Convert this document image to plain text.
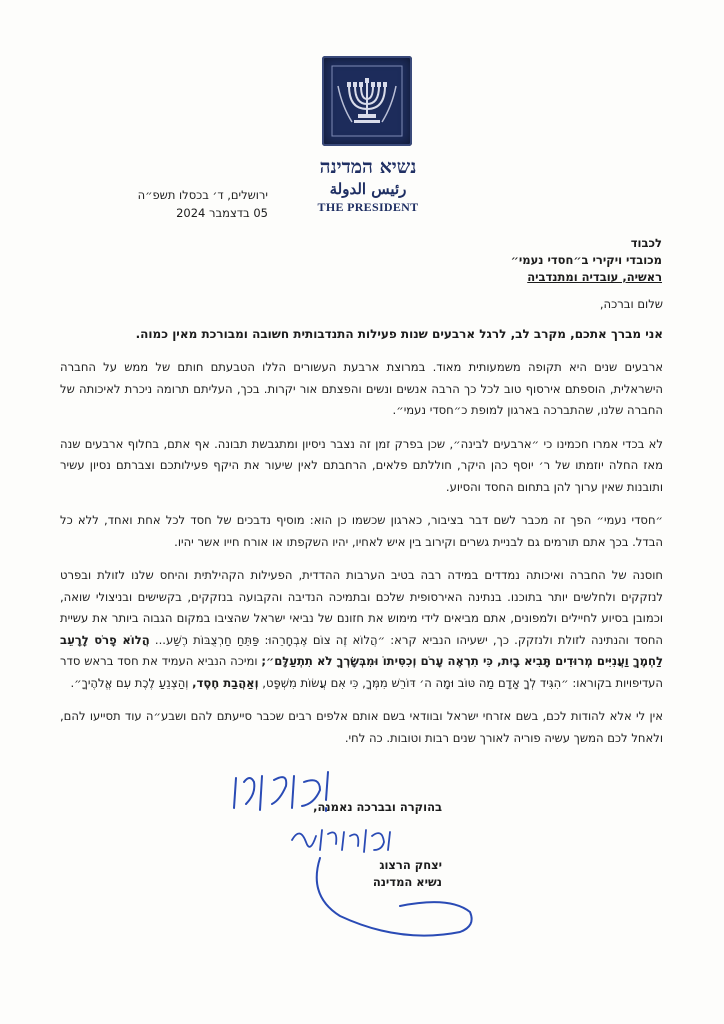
נשיא המדינה
رئيس الدولة
THE PRESIDENT
ירושלים, ד׳ בכסלו תשפ״ה
05 בדצמבר 2024
לכבוד
מכובדי ויקירי ב״חסדי נעמי״
ראשיה, עובדיה ומתנדביה

שלום וברכה,

אני מברך אתכם, מקרב לב, לרגל ארבעים שנות פעילות התנדבותית חשובה ומבורכת מאין כמוה.

ארבעים שנים היא תקופה משמעותית מאוד. במרוצת ארבעת העשורים הללו הטבעתם חותם של ממש על החברה הישראלית, הוספתם אירסוף טוב לכל כך הרבה אנשים ונשים והפצתם אור יקרות. בכך, העליתם תרומה ניכרת לאיכותה של החברה שלנו, שהתברכה בארגון למופת כ״חסדי נעמי״.

לא בכדי אמרו חכמינו כי ״ארבעים לבינה״, שכן בפרק זמן זה נצבר ניסיון ומתגבשת תבונה. אף אתם, בחלוף ארבעים שנה מאז החלה יוזמתו של ר׳ יוסף כהן היקר, חוללתם פלאים, הרחבתם לאין שיעור את היקף פעילותכם וצברתם נסיון עשיר ותובנות שאין ערוך להן בתחום החסד והסיוע.

״חסדי נעמי״ הפך זה מכבר לשם דבר בציבור, כארגון שכשמו כן הוא: מוסיף נדבכים של חסד לכל אחת ואחד, ללא כל הבדל. בכך אתם תורמים גם לבניית גשרים וקירוב בין איש לאחיו, יהיו השקפתו או אורח חייו אשר יהיו.

חוסנה של החברה ואיכותה נמדדים במידה רבה בטיב הערבות ההדדית, הפעילות הקהילתית והיחס שלנו לזולת ובפרט לנזקקים ולחלשים יותר בתוכנו. בנתינה האירסופית שלכם ובתמיכה הנדיבה והקבועה בנזקקים, בקשישים ובניצולי שואה, וכמובן בסיוע לחיילים ולמפונים, אתם מביאים לידי מימוש את חזונם של נביאי ישראל שהציבו במקום הגבוה ביותר את עשיית החסד והנתינה לזולת ולנזקק. כך, ישעיהו הנביא קרא: ״הֲלוֹא זֶה צוֹם אֶבְחָרֵהוּ: פַּתֵּחַ חַרְצֻבּוֹת רֶשַׁע... הֲלוֹא פָרֹס לָרָעֵב לַחְמֶךָ וַעֲנִיִּים מְרוּדִים תָּבִיא בָיִת, כִּי תִרְאֶה עָרֹם וְכִסִּיתוֹ וּמִבְּשָׂרְךָ לֹא תִתְעַלָּם״; ומיכה הנביא העמיד את חסד בראש סדר העדיפויות בקוראו: ״הִגִּיד לְךָ אָדָם מַה טּוֹב וּמָה ה׳ דּוֹרֵשׁ מִמְּךָ, כִּי אִם עֲשׂוֹת מִשְׁפָּט, וְאַהֲבַת חֶסֶד, וְהַצְנֵעַ לֶכֶת עִם אֱלֹהֶיךָ״.

אין לי אלא להודות לכם, בשם אזרחי ישראל ובוודאי בשם אותם אלפים רבים שכבר סייעתם להם ושבע״ה עוד תסייעו להם, ולאחל לכם המשך עשיה פוריה לאורך שנים רבות וטובות. כה לחי.

בהוקרה ובברכה נאמנה,
יצחק הרצוג
נשיא המדינה
